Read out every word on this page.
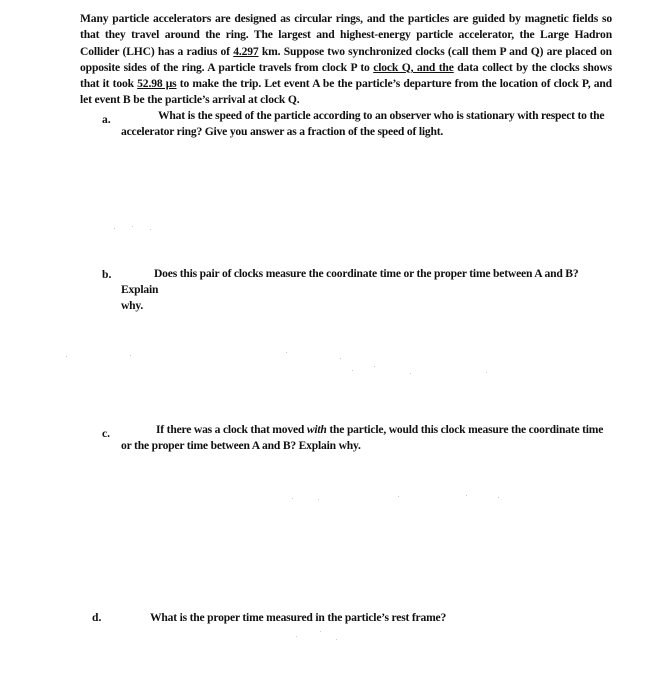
Many particle accelerators are designed as circular rings, and the particles are guided by magnetic fields so that they travel around the ring. The largest and highest-energy particle accelerator, the Large Hadron Collider (LHC) has a radius of 4.297 km. Suppose two synchronized clocks (call them P and Q) are placed on opposite sides of the ring. A particle travels from clock P to clock Q, and the data collect by the clocks shows that it took 52.98 μs to make the trip. Let event A be the particle’s departure from the location of clock P, and let event B be the particle’s arrival at clock Q.
a.	What is the speed of the particle according to an observer who is stationary with respect to the
accelerator ring? Give you answer as a fraction of the speed of light.
b.	Does this pair of clocks measure the coordinate time or the proper time between A and B? Explain
why.
c.	If there was a clock that moved with the particle, would this clock measure the coordinate time
or the proper time between A and B? Explain why.
d.	What is the proper time measured in the particle’s rest frame?
